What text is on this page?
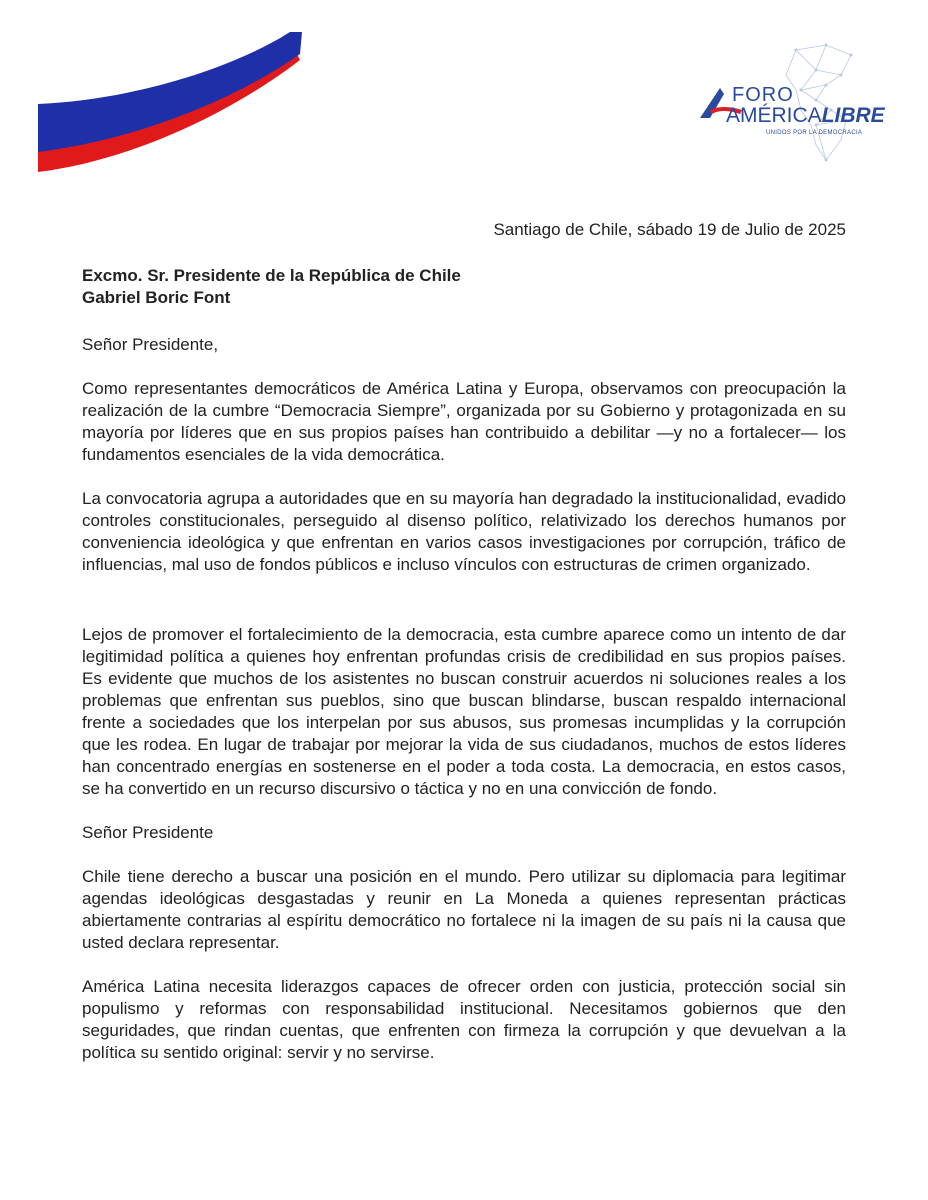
FORO
AMÉRICALIBRE
UNIDOS POR LA DEMOCRACIA
Santiago de Chile, sábado 19 de Julio de 2025
Excmo. Sr. Presidente de la República de Chile
Gabriel Boric Font

Señor Presidente,

Como representantes democráticos de América Latina y Europa, observamos con preocupación la realización de la cumbre “Democracia Siempre”, organizada por su Gobierno y protagonizada en su mayoría por líderes que en sus propios países han contribuido a debilitar —y no a fortalecer— los fundamentos esenciales de la vida democrática.

La convocatoria agrupa a autoridades que en su mayoría han degradado la institucionalidad, evadido controles constitucionales, perseguido al disenso político, relativizado los derechos humanos por conveniencia ideológica y que enfrentan en varios casos investigaciones por corrupción, tráfico de influencias, mal uso de fondos públicos e incluso vínculos con estructuras de crimen organizado.

Lejos de promover el fortalecimiento de la democracia, esta cumbre aparece como un intento de dar legitimidad política a quienes hoy enfrentan profundas crisis de credibilidad en sus propios países. Es evidente que muchos de los asistentes no buscan construir acuerdos ni soluciones reales a los problemas que enfrentan sus pueblos, sino que buscan blindarse, buscan respaldo internacional frente a sociedades que los interpelan por sus abusos, sus promesas incumplidas y la corrupción que les rodea. En lugar de trabajar por mejorar la vida de sus ciudadanos, muchos de estos líderes han concentrado energías en sostenerse en el poder a toda costa. La democracia, en estos casos, se ha convertido en un recurso discursivo o táctica y no en una convicción de fondo.

Señor Presidente

Chile tiene derecho a buscar una posición en el mundo. Pero utilizar su diplomacia para legitimar agendas ideológicas desgastadas y reunir en La Moneda a quienes representan prácticas abiertamente contrarias al espíritu democrático no fortalece ni la imagen de su país ni la causa que usted declara representar.

América Latina necesita liderazgos capaces de ofrecer orden con justicia, protección social sin populismo y reformas con responsabilidad institucional. Necesitamos gobiernos que den seguridades, que rindan cuentas, que enfrenten con firmeza la corrupción y que devuelvan a la política su sentido original: servir y no servirse.
